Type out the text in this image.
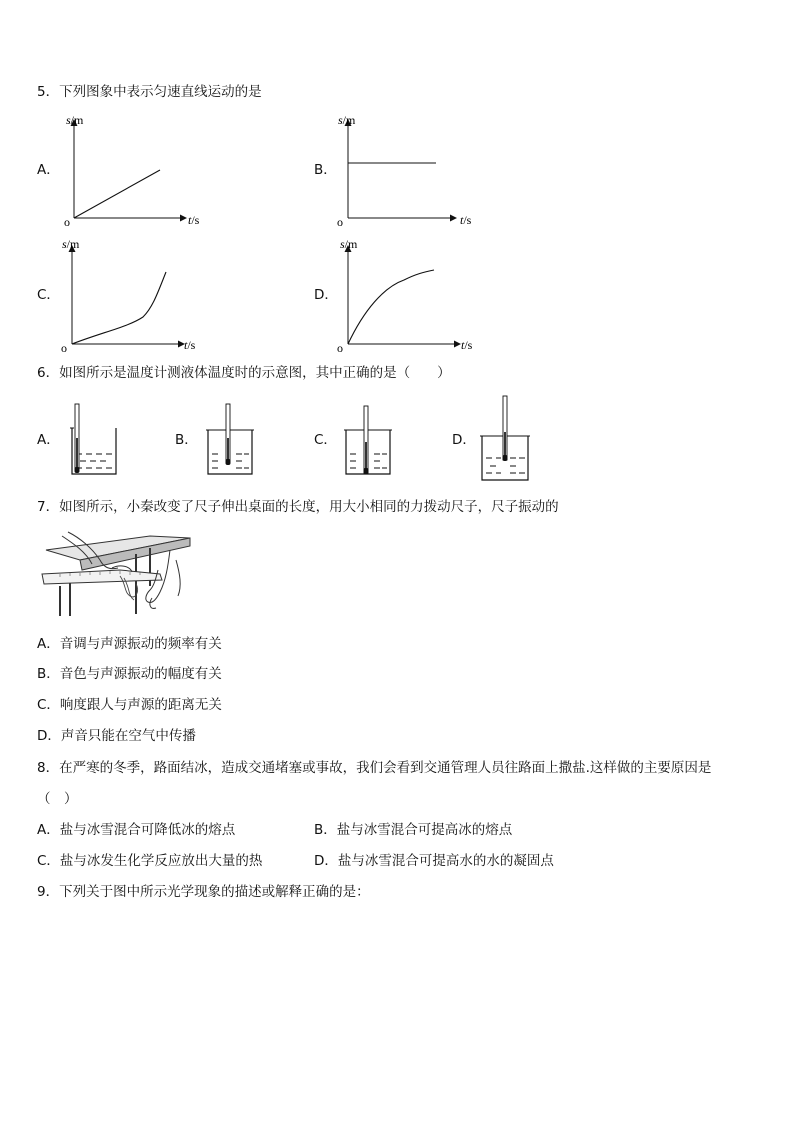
5．下列图象中表示匀速直线运动的是
A．
s/m
t/s
o
B．
s/m
t/s
o
C．
s/m
t/s
o
D．
s/m
t/s
o
6．如图所示是温度计测液体温度时的示意图，其中正确的是（　　）
A．	B．	C．	D．
7．如图所示，小秦改变了尺子伸出桌面的长度，用大小相同的力拨动尺子，尺子振动的
A．音调与声源振动的频率有关
B．音色与声源振动的幅度有关
C．响度跟人与声源的距离无关
D．声音只能在空气中传播
8．在严寒的冬季，路面结冰，造成交通堵塞或事故，我们会看到交通管理人员往路面上撒盐.这样做的主要原因是
（　）
A．盐与冰雪混合可降低冰的熔点	B．盐与冰雪混合可提高冰的熔点
C．盐与冰发生化学反应放出大量的热	D．盐与冰雪混合可提高水的水的凝固点
9．下列关于图中所示光学现象的描述或解释正确的是：
